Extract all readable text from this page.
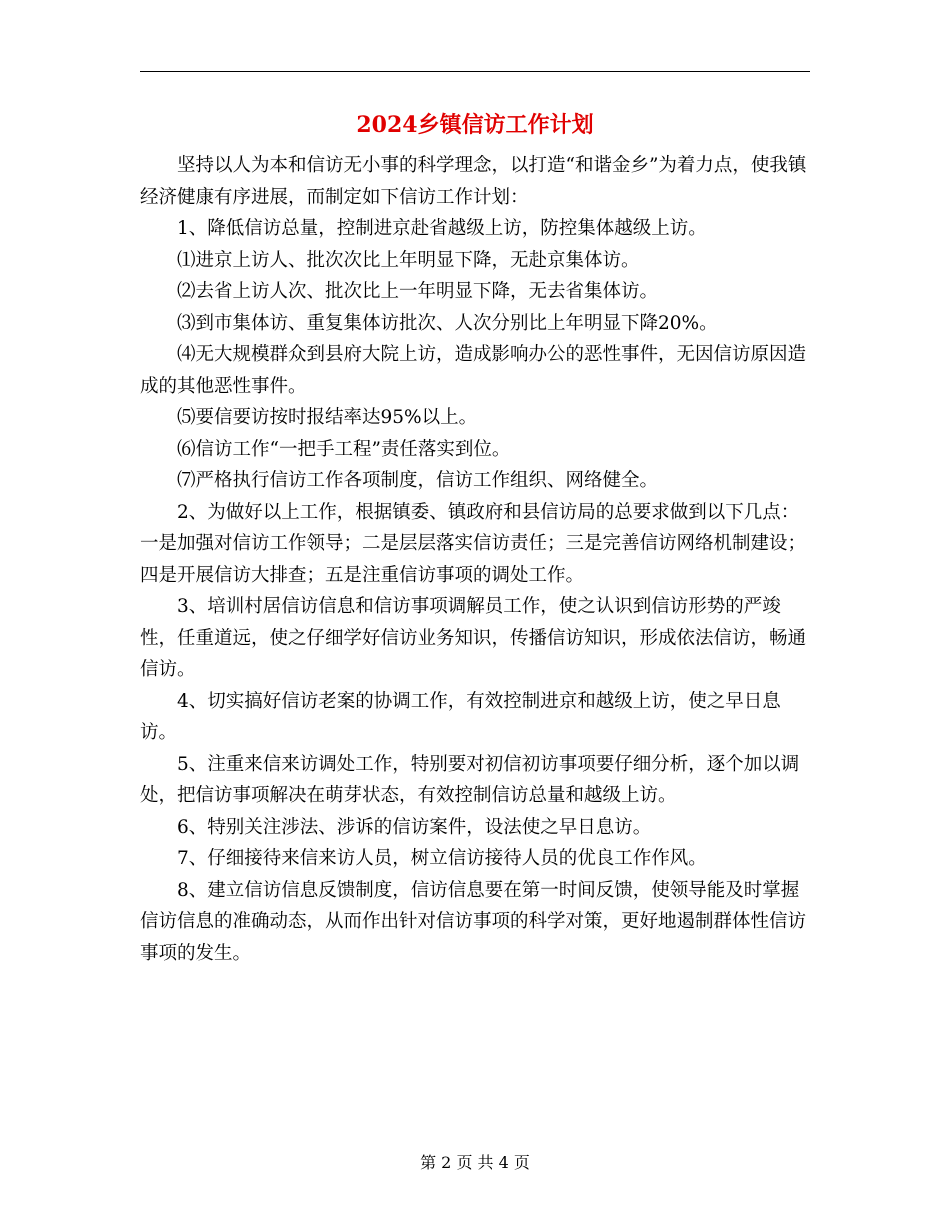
2024乡镇信访工作计划

坚持以人为本和信访无小事的科学理念，以打造“和谐金乡”为着力点，使我镇经济健康有序进展，而制定如下信访工作计划：

1、降低信访总量，控制进京赴省越级上访，防控集体越级上访。

⑴进京上访人、批次次比上年明显下降，无赴京集体访。

⑵去省上访人次、批次比上一年明显下降，无去省集体访。

⑶到市集体访、重复集体访批次、人次分别比上年明显下降20%。

⑷无大规模群众到县府大院上访，造成影响办公的恶性事件，无因信访原因造成的其他恶性事件。

⑸要信要访按时报结率达95%以上。

⑹信访工作“一把手工程”责任落实到位。

⑺严格执行信访工作各项制度，信访工作组织、网络健全。

2、为做好以上工作，根据镇委、镇政府和县信访局的总要求做到以下几点：一是加强对信访工作领导；二是层层落实信访责任；三是完善信访网络机制建设；四是开展信访大排查；五是注重信访事项的调处工作。

3、培训村居信访信息和信访事项调解员工作，使之认识到信访形势的严竣性，任重道远，使之仔细学好信访业务知识，传播信访知识，形成依法信访，畅通信访。

4、切实搞好信访老案的协调工作，有效控制进京和越级上访，使之早日息访。

5、注重来信来访调处工作，特别要对初信初访事项要仔细分析，逐个加以调处，把信访事项解决在萌芽状态，有效控制信访总量和越级上访。

6、特别关注涉法、涉诉的信访案件，设法使之早日息访。

7、仔细接待来信来访人员，树立信访接待人员的优良工作作风。

8、建立信访信息反馈制度，信访信息要在第一时间反馈，使领导能及时掌握信访信息的准确动态，从而作出针对信访事项的科学对策，更好地遏制群体性信访事项的发生。

第 2 页 共 4 页
